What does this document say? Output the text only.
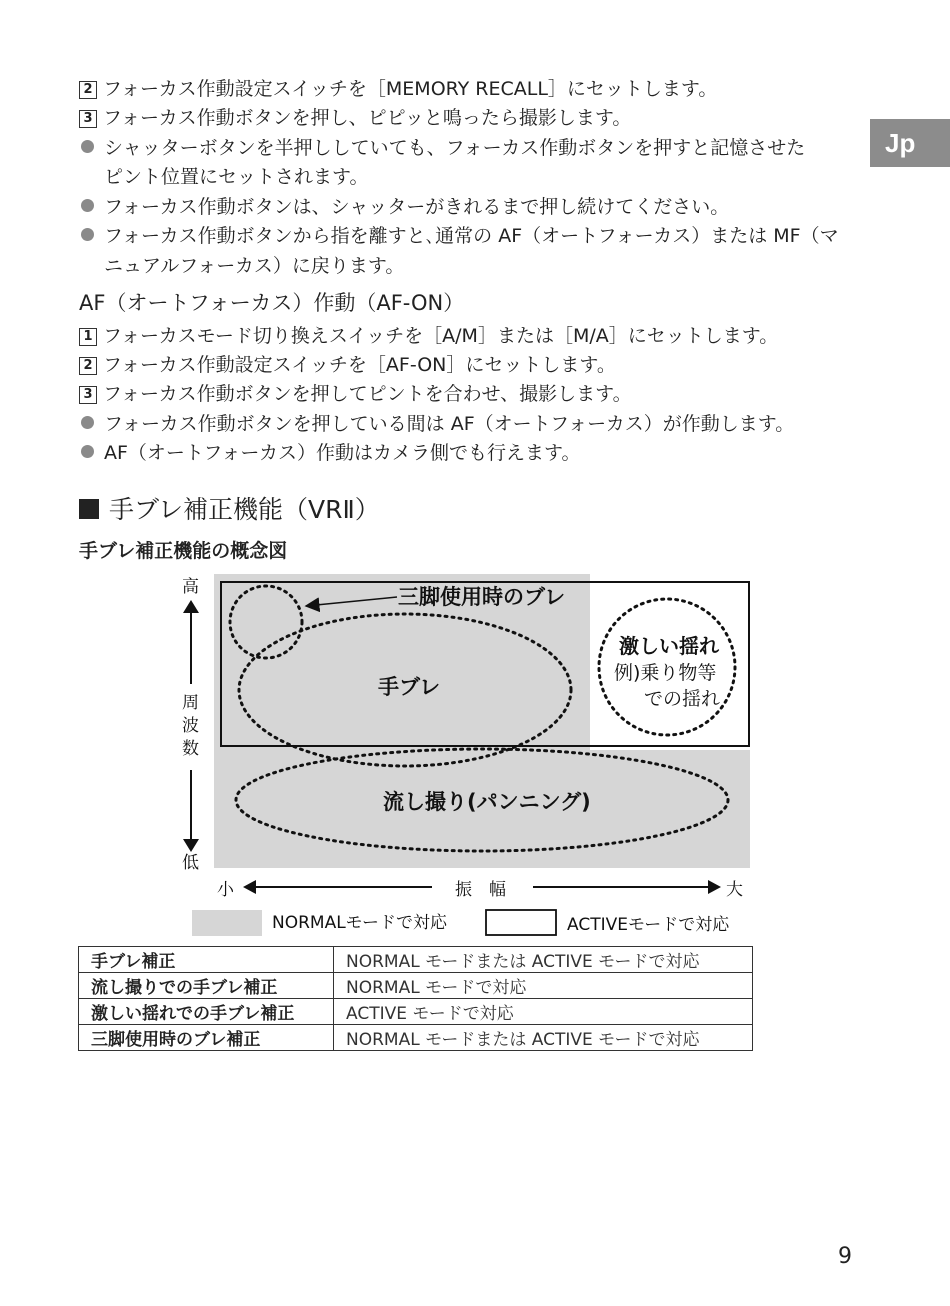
Jp
2 フォーカス作動設定スイッチを［MEMORY RECALL］にセットします。
3 フォーカス作動ボタンを押し、ピピッと鳴ったら撮影します。
シャッターボタンを半押ししていても、フォーカス作動ボタンを押すと記憶させた
ピント位置にセットされます。
フォーカス作動ボタンは、シャッターがきれるまで押し続けてください。
フォーカス作動ボタンから指を離すと､通常の AF（オートフォーカス）または MF（マ
ニュアルフォーカス）に戻ります。
AF（オートフォーカス）作動（AF-ON）
1 フォーカスモード切り換えスイッチを［A/M］または［M/A］にセットします。
2 フォーカス作動設定スイッチを［AF-ON］にセットします。
3 フォーカス作動ボタンを押してピントを合わせ、撮影します。
フォーカス作動ボタンを押している間は AF（オートフォーカス）が作動します。
AF（オートフォーカス）作動はカメラ側でも行えます。
手ブレ補正機能（VRⅡ）
手ブレ補正機能の概念図
三脚使用時のブレ
手ブレ
激しい揺れ
例)乗り物等
での揺れ
流し撮り(パンニング)
高
周
波
数
低
小	振　幅	大
NORMALモードで対応	ACTIVEモードで対応
手ブレ補正	NORMAL モードまたは ACTIVE モードで対応
流し撮りでの手ブレ補正	NORMAL モードで対応
激しい揺れでの手ブレ補正	ACTIVE モードで対応
三脚使用時のブレ補正	NORMAL モードまたは ACTIVE モードで対応
9
